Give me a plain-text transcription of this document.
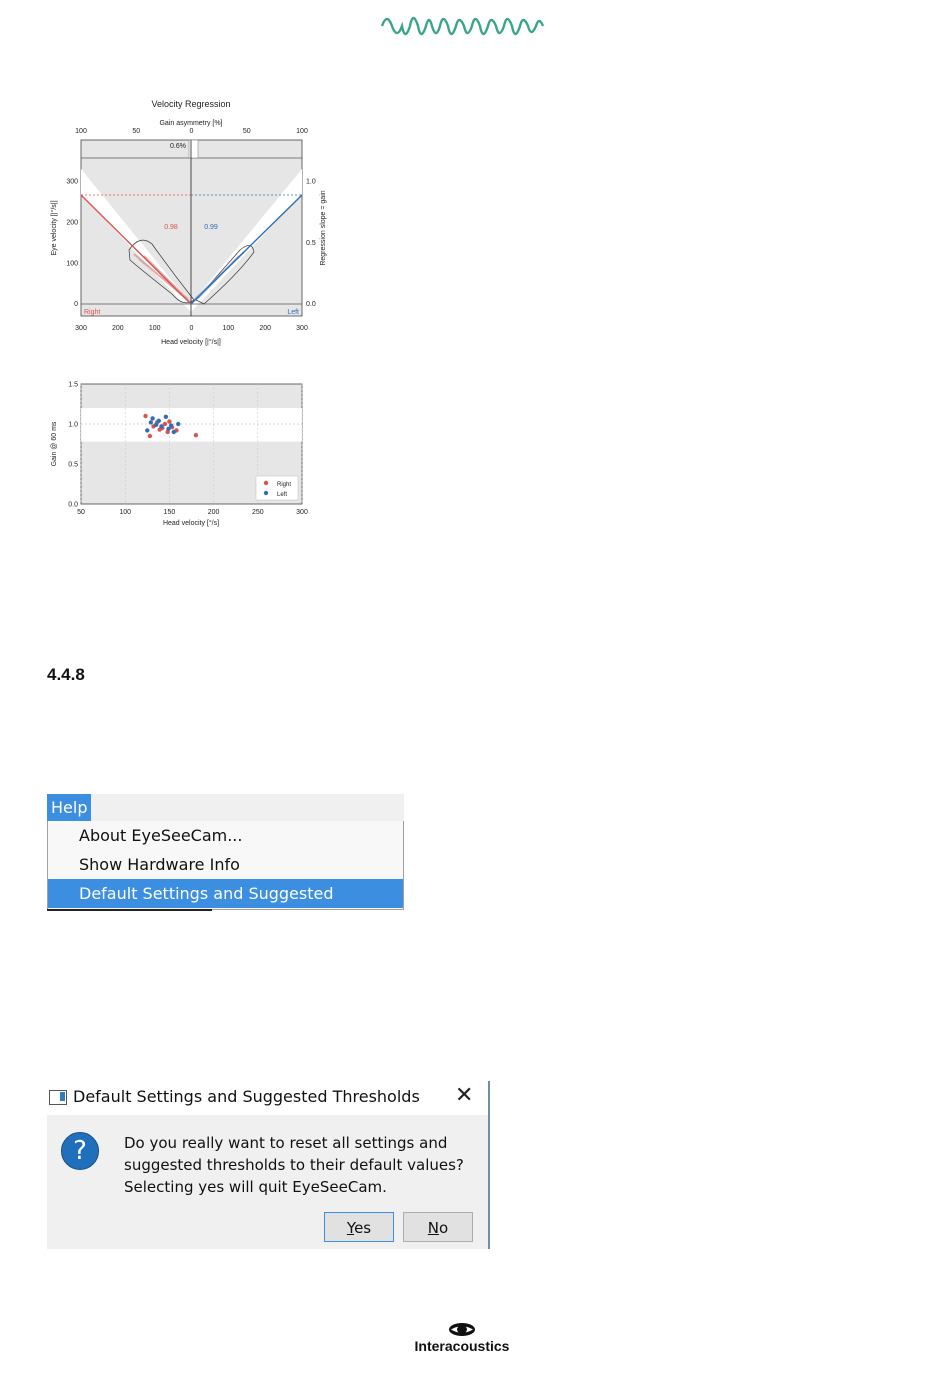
Velocity Regression
Gain asymmetry [%]
100	50	0	50	100
0.6%
0.98	0.99
Right	Left
0
100
200
300
0.0
0.5
1.0
300	200	100	0	100	200	300
Eye velocity [|°/s|]	Regression slope = gain
Head velocity [|°/s|]
0.0
0.5
1.0
1.5
50	100	150	200	250	300
Right
Left
Gain @ 60 ms
Head velocity [°/s]
4.4.8
Help
About EyeSeeCam...
Show Hardware Info
Default Settings and Suggested Thresholds
Default Settings and Suggested Thresholds ✕
?	Do you really want to reset all settings and
suggested thresholds to their default values?
Selecting yes will quit EyeSeeCam.
Yes	No
Interacoustics
